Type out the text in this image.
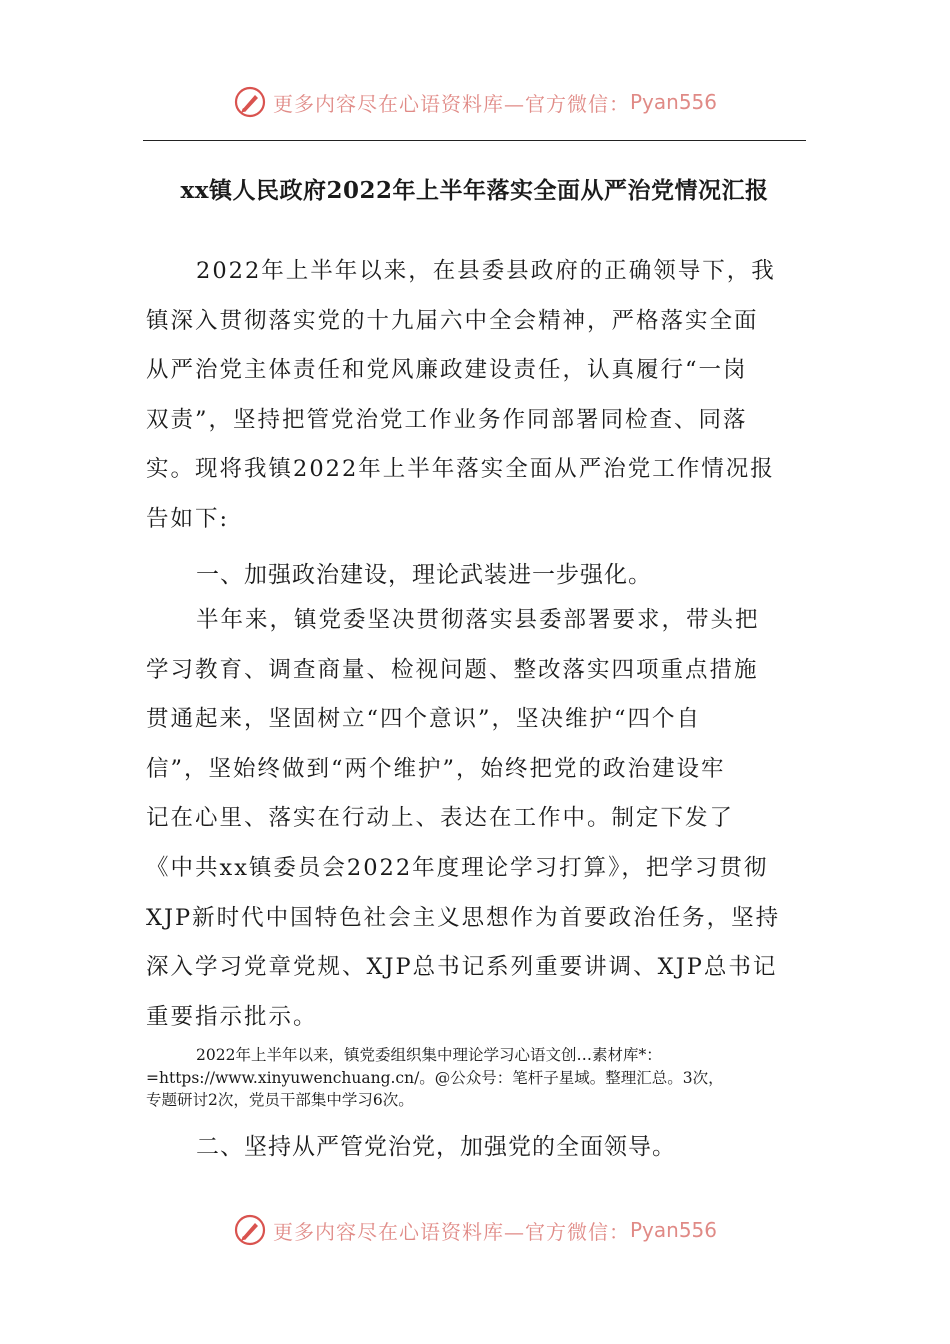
更多内容尽在心语资料库—官方微信： Pyan556
xx镇人民政府2022年上半年落实全面从严治党情况汇报
2022年上半年以来，在县委县政府的正确领导下，我
镇深入贯彻落实党的十九届六中全会精神，严格落实全面
从严治党主体责任和党风廉政建设责任，认真履行“一岗
双责”，坚持把管党治党工作业务作同部署同检查、同落
实。现将我镇2022年上半年落实全面从严治党工作情况报
告如下:
一、加强政治建设，理论武装进一步强化。
半年来，镇党委坚决贯彻落实县委部署要求，带头把
学习教育、调查商量、检视问题、整改落实四项重点措施
贯通起来，坚固树立“四个意识”，坚决维护“四个自
信”，坚始终做到“两个维护”，始终把党的政治建设牢
记在心里、落实在行动上、表达在工作中。制定下发了
《中共xx镇委员会2022年度理论学习打算》，把学习贯彻
XJP新时代中国特色社会主义思想作为首要政治任务，坚持
深入学习党章党规、XJP总书记系列重要讲调、XJP总书记
重要指示批示。
2022年上半年以来，镇党委组织集中理论学习心语文创…素材库*：
=https://www.xinyuwenchuang.cn/。@公众号：笔杆子星域。整理汇总。3次，
专题研讨2次，党员干部集中学习6次。
二、坚持从严管党治党，加强党的全面领导。
更多内容尽在心语资料库—官方微信： Pyan556
